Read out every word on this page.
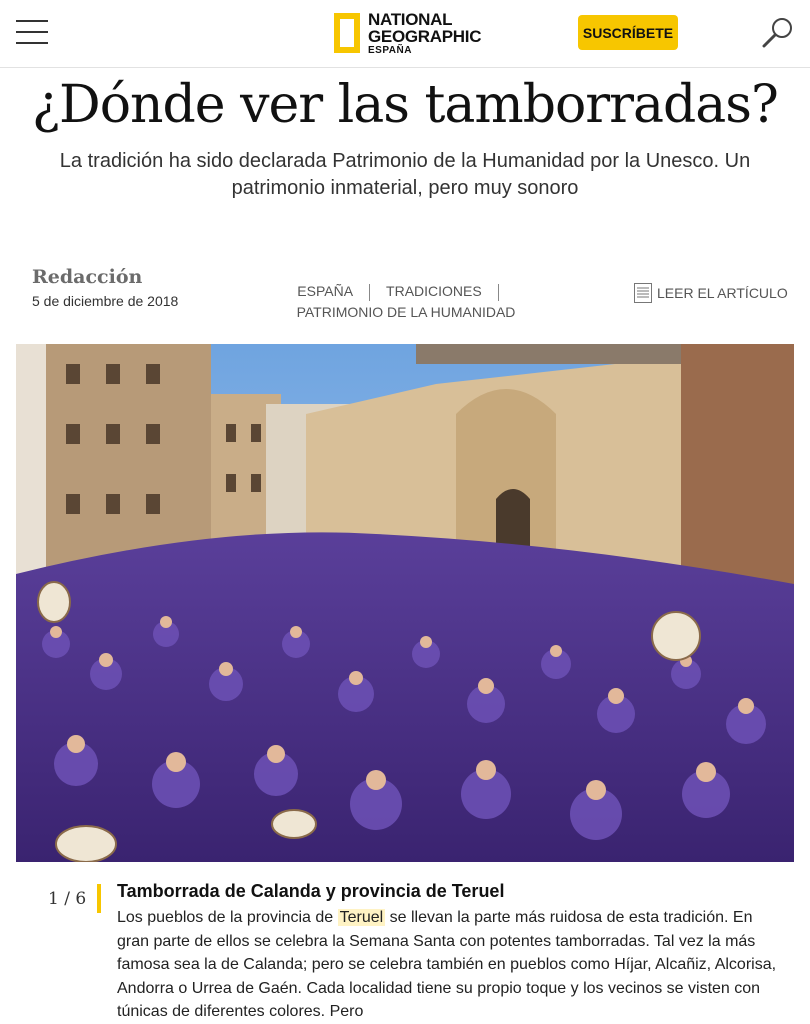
NATIONAL
GEOGRAPHIC
ESPAÑA
SUSCRÍBETE
¿Dónde ver las tamborradas?

La tradición ha sido declarada Patrimonio de la Humanidad por la Unesco. Un patrimonio inmaterial, pero muy sonoro

Redacción
5 de diciembre de 2018
ESPAÑA TRADICIONES
PATRIMONIO DE LA HUMANIDAD
LEER EL ARTÍCULO
1 / 6 Tamborrada de Calanda y provincia de Teruel
Los pueblos de la provincia de Teruel se llevan la parte más ruidosa de esta tradición. En gran parte de ellos se celebra la Semana Santa con potentes tamborradas. Tal vez la más famosa sea la de Calanda; pero se celebra también en pueblos como Híjar, Alcañiz, Alcorisa, Andorra o Urrea de Gaén. Cada localidad tiene su propio toque y los vecinos se visten con túnicas de diferentes colores. Pero
